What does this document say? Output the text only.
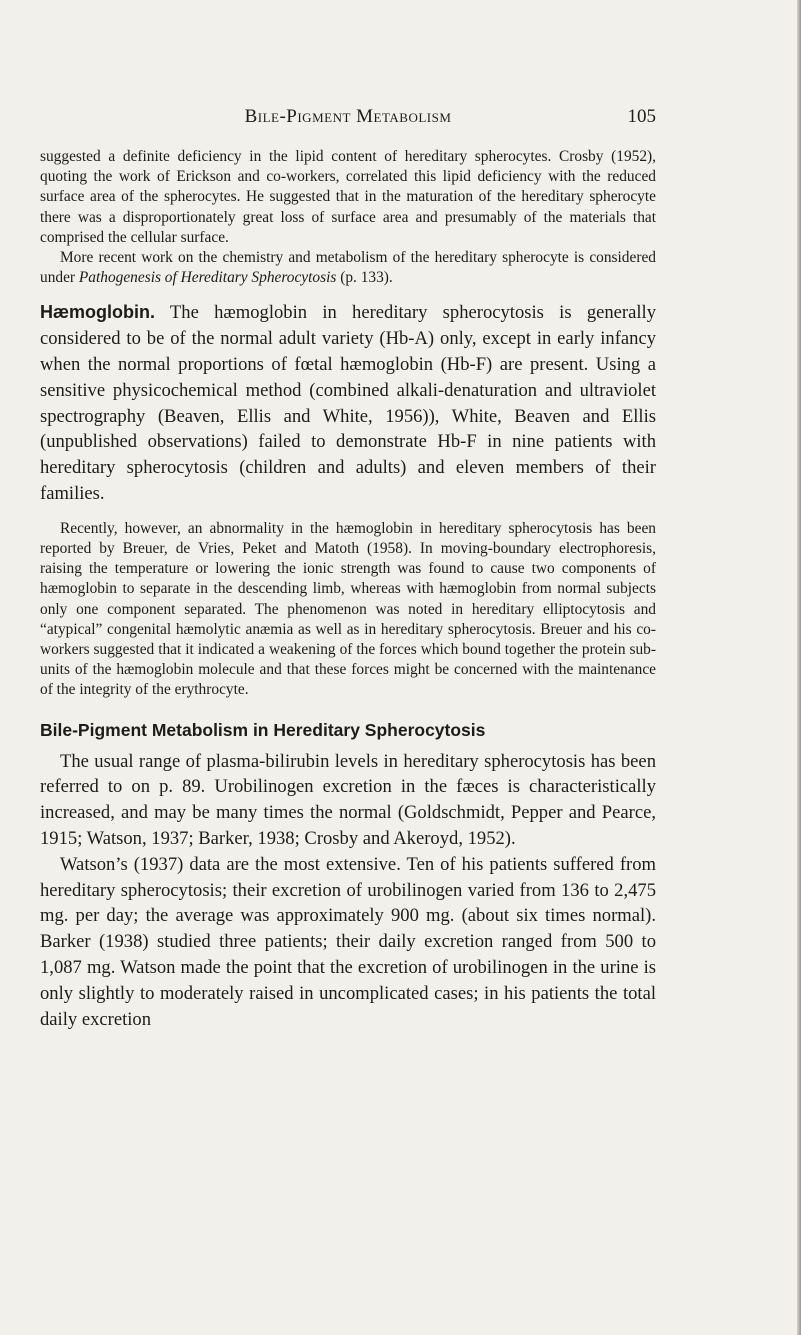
Bile-Pigment Metabolism	105

suggested a definite deficiency in the lipid content of hereditary spherocytes. Crosby (1952), quoting the work of Erickson and co-workers, correlated this lipid deficiency with the reduced surface area of the spherocytes. He suggested that in the maturation of the hereditary spherocyte there was a disproportionately great loss of surface area and presumably of the materials that comprised the cellular surface.

More recent work on the chemistry and metabolism of the hereditary spherocyte is considered under Pathogenesis of Hereditary Spherocytosis (p. 133).

Hæmoglobin. The hæmoglobin in hereditary spherocytosis is generally considered to be of the normal adult variety (Hb-A) only, except in early infancy when the normal proportions of fœtal hæmoglobin (Hb-F) are present. Using a sensitive physicochemical method (combined alkali-denaturation and ultraviolet spectrography (Beaven, Ellis and White, 1956)), White, Beaven and Ellis (unpublished observations) failed to demonstrate Hb-F in nine patients with hereditary spherocytosis (children and adults) and eleven members of their families.

Recently, however, an abnormality in the hæmoglobin in hereditary spherocytosis has been reported by Breuer, de Vries, Peket and Matoth (1958). In moving-boundary electrophoresis, raising the temperature or lowering the ionic strength was found to cause two components of hæmoglobin to separate in the descending limb, whereas with hæmoglobin from normal subjects only one component separated. The phenomenon was noted in hereditary elliptocytosis and “atypical” congenital hæmolytic anæmia as well as in hereditary spherocytosis. Breuer and his co-workers suggested that it indicated a weakening of the forces which bound together the protein sub-units of the hæmoglobin molecule and that these forces might be concerned with the maintenance of the integrity of the erythrocyte.

Bile-Pigment Metabolism in Hereditary Spherocytosis

The usual range of plasma-bilirubin levels in hereditary spherocytosis has been referred to on p. 89. Urobilinogen excretion in the fæces is characteristically increased, and may be many times the normal (Goldschmidt, Pepper and Pearce, 1915; Watson, 1937; Barker, 1938; Crosby and Akeroyd, 1952).

Watson’s (1937) data are the most extensive. Ten of his patients suffered from hereditary spherocytosis; their excretion of urobilinogen varied from 136 to 2,475 mg. per day; the average was approximately 900 mg. (about six times normal). Barker (1938) studied three patients; their daily excretion ranged from 500 to 1,087 mg. Watson made the point that the excretion of urobilinogen in the urine is only slightly to moderately raised in uncomplicated cases; in his patients the total daily excretion
